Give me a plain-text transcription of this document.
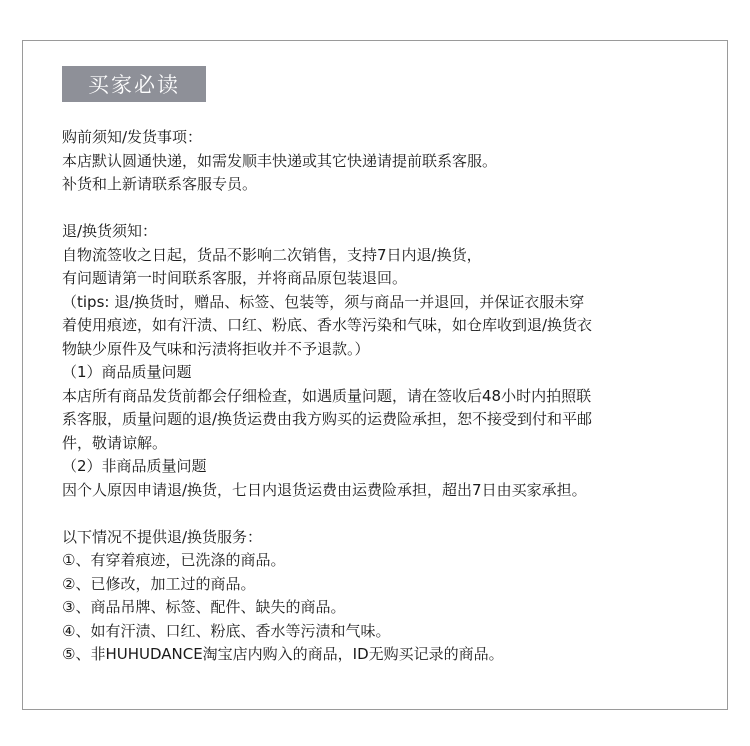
买家必读

购前须知/发货事项：

本店默认圆通快递，如需发顺丰快递或其它快递请提前联系客服。

补货和上新请联系客服专员。

退/换货须知：

自物流签收之日起，货品不影响二次销售，支持7日内退/换货，

有问题请第一时间联系客服，并将商品原包装退回。

（tips: 退/换货时，赠品、标签、包装等，须与商品一并退回，并保证衣服未穿

着使用痕迹，如有汗渍、口红、粉底、香水等污染和气味，如仓库收到退/换货衣

物缺少原件及气味和污渍将拒收并不予退款。）

（1）商品质量问题

本店所有商品发货前都会仔细检查，如遇质量问题，请在签收后48小时内拍照联

系客服，质量问题的退/换货运费由我方购买的运费险承担，恕不接受到付和平邮

件，敬请谅解。

（2）非商品质量问题

因个人原因申请退/换货，七日内退货运费由运费险承担，超出7日由买家承担。

以下情况不提供退/换货服务：

①、有穿着痕迹，已洗涤的商品。

②、已修改，加工过的商品。

③、商品吊牌、标签、配件、缺失的商品。

④、如有汗渍、口红、粉底、香水等污渍和气味。

⑤、非HUHUDANCE淘宝店内购入的商品，ID无购买记录的商品。
